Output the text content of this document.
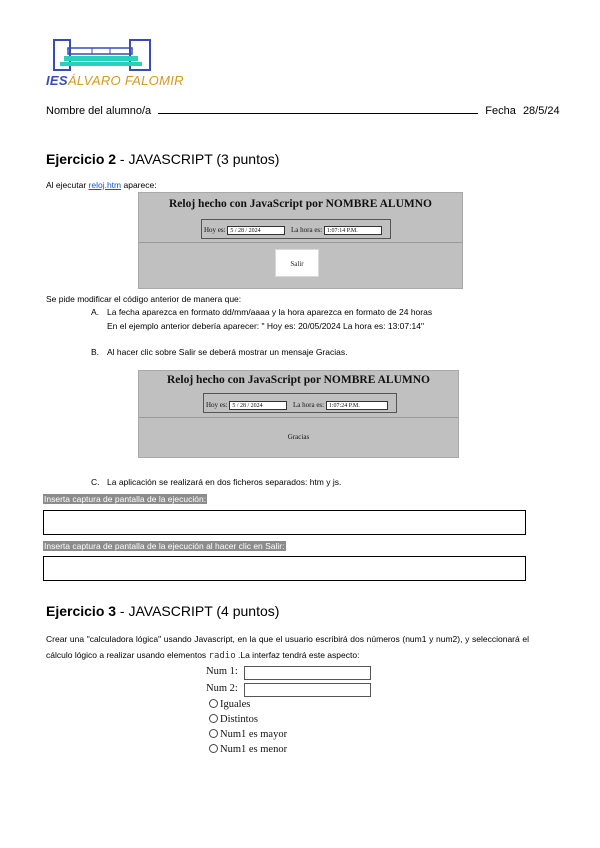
IESÁLVARO FALOMIR
Nombre del alumno/a	Fecha 28/5/24
Ejercicio 2 - JAVASCRIPT (3 puntos)
Al ejecutar reloj.htm aparece:
Reloj hecho con JavaScript por NOMBRE ALUMNO
Hoy es: 5 / 28 / 2024	La hora es: 1:07:14 P.M.
Salir
Se pide modificar el código anterior de manera que:
A. La fecha aparezca en formato dd/mm/aaaa y la hora aparezca en formato de 24 horas
En el ejemplo anterior debería aparecer: " Hoy es: 20/05/2024 La hora es: 13:07:14"
B. Al hacer clic sobre Salir se deberá mostrar un mensaje Gracias.
Reloj hecho con JavaScript por NOMBRE ALUMNO
Hoy es: 5 / 28 / 2024	La hora es: 1:07:24 P.M.
Gracias
C. La aplicación se realizará en dos ficheros separados: htm y js.
Inserta captura de pantalla de la ejecución:
Inserta captura de pantalla de la ejecución al hacer clic en Salir:
Ejercicio 3 - JAVASCRIPT (4 puntos)
Crear una "calculadora lógica" usando Javascript, en la que el usuario escribirá dos números (num1 y num2), y seleccionará el cálculo lógico a realizar usando elementos radio .La interfaz tendrá este aspecto:
Num 1:
Num 2:
Iguales
Distintos
Num1 es mayor
Num1 es menor
